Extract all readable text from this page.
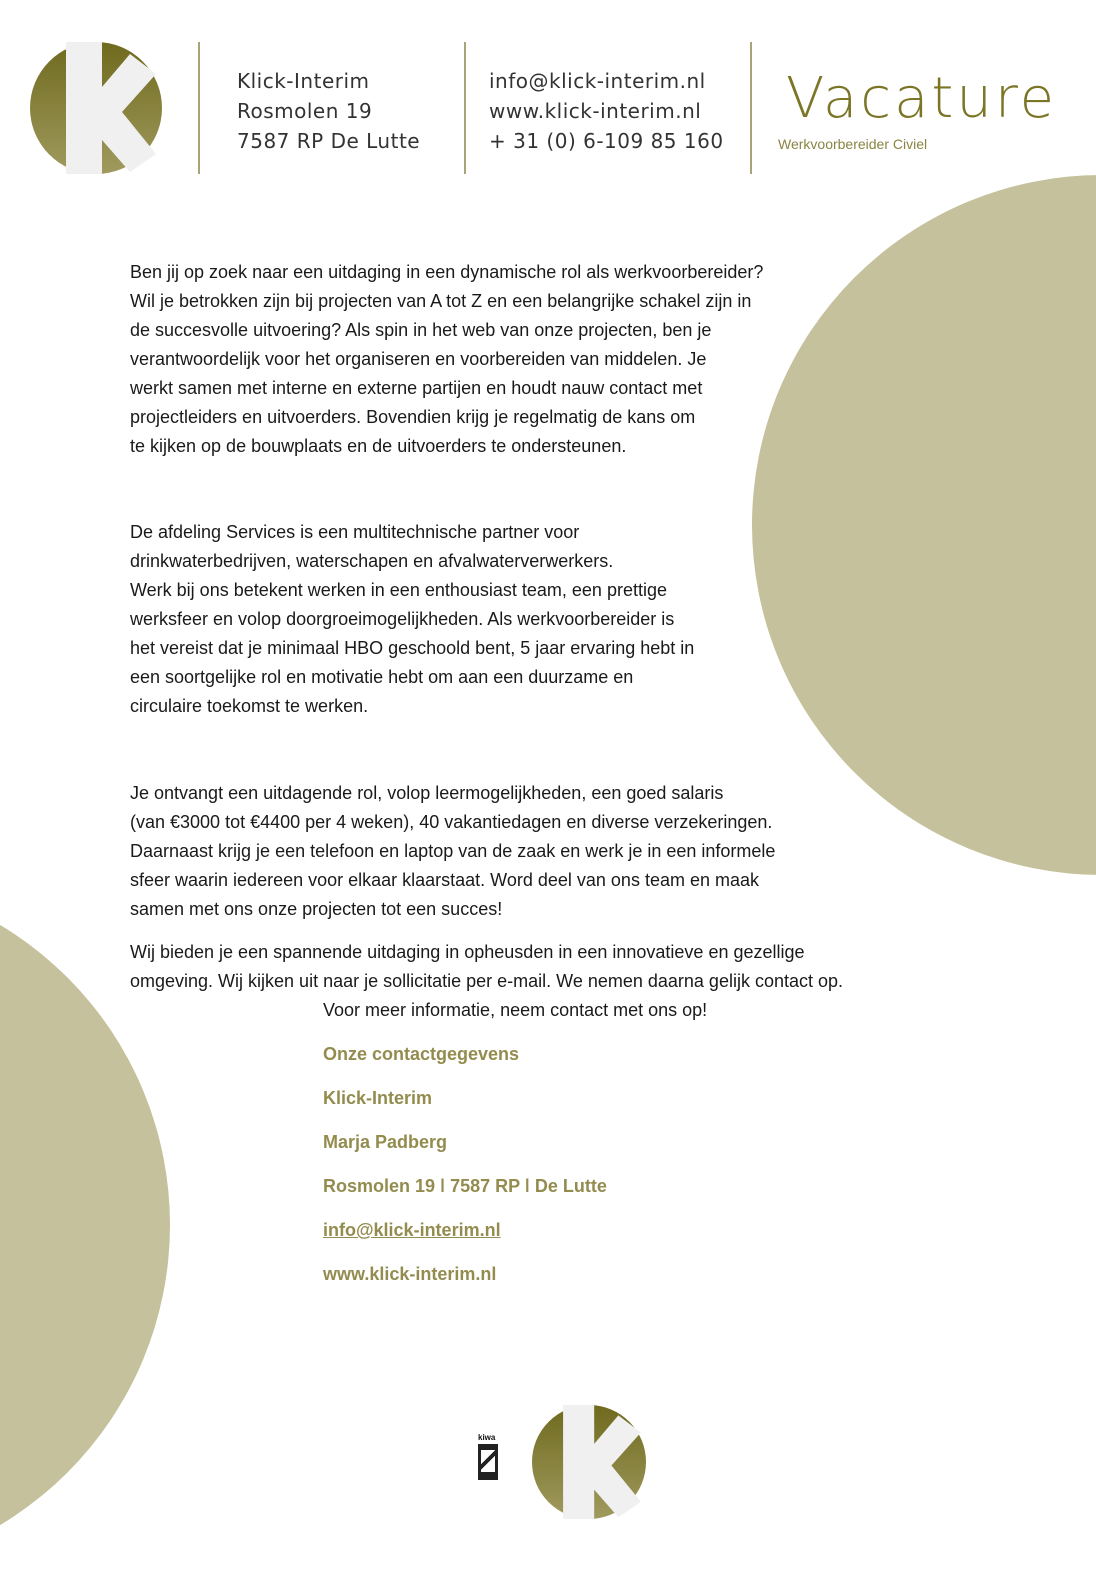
Klick-Interim
Rosmolen 19
7587 RP De Lutte
info@klick-interim.nl
www.klick-interim.nl
+ 31 (0) 6-109 85 160
Vacature
Werkvoorbereider Civiel
Ben jij op zoek naar een uitdaging in een dynamische rol als werkvoorbereider?
Wil je betrokken zijn bij projecten van A tot Z en een belangrijke schakel zijn in
de succesvolle uitvoering? Als spin in het web van onze projecten, ben je
verantwoordelijk voor het organiseren en voorbereiden van middelen. Je
werkt samen met interne en externe partijen en houdt nauw contact met
projectleiders en uitvoerders. Bovendien krijg je regelmatig de kans om
te kijken op de bouwplaats en de uitvoerders te ondersteunen.
De afdeling Services is een multitechnische partner voor
drinkwaterbedrijven, waterschapen en afvalwaterverwerkers.
Werk bij ons betekent werken in een enthousiast team, een prettige
werksfeer en volop doorgroeimogelijkheden. Als werkvoorbereider is
het vereist dat je minimaal HBO geschoold bent, 5 jaar ervaring hebt in
een soortgelijke rol en motivatie hebt om aan een duurzame en
circulaire toekomst te werken.
Je ontvangt een uitdagende rol, volop leermogelijkheden, een goed salaris
(van €3000 tot €4400 per 4 weken), 40 vakantiedagen en diverse verzekeringen.
Daarnaast krijg je een telefoon en laptop van de zaak en werk je in een informele
sfeer waarin iedereen voor elkaar klaarstaat. Word deel van ons team en maak
samen met ons onze projecten tot een succes!
Wij bieden je een spannende uitdaging in opheusden in een innovatieve en gezellige
omgeving. Wij kijken uit naar je sollicitatie per e-mail. We nemen daarna gelijk contact op.
Voor meer informatie, neem contact met ons op!
Onze contactgegevens
Klick-Interim
Marja Padberg
Rosmolen 19 ǀ 7587 RP ǀ De Lutte
info@klick-interim.nl
www.klick-interim.nl
kiwa
